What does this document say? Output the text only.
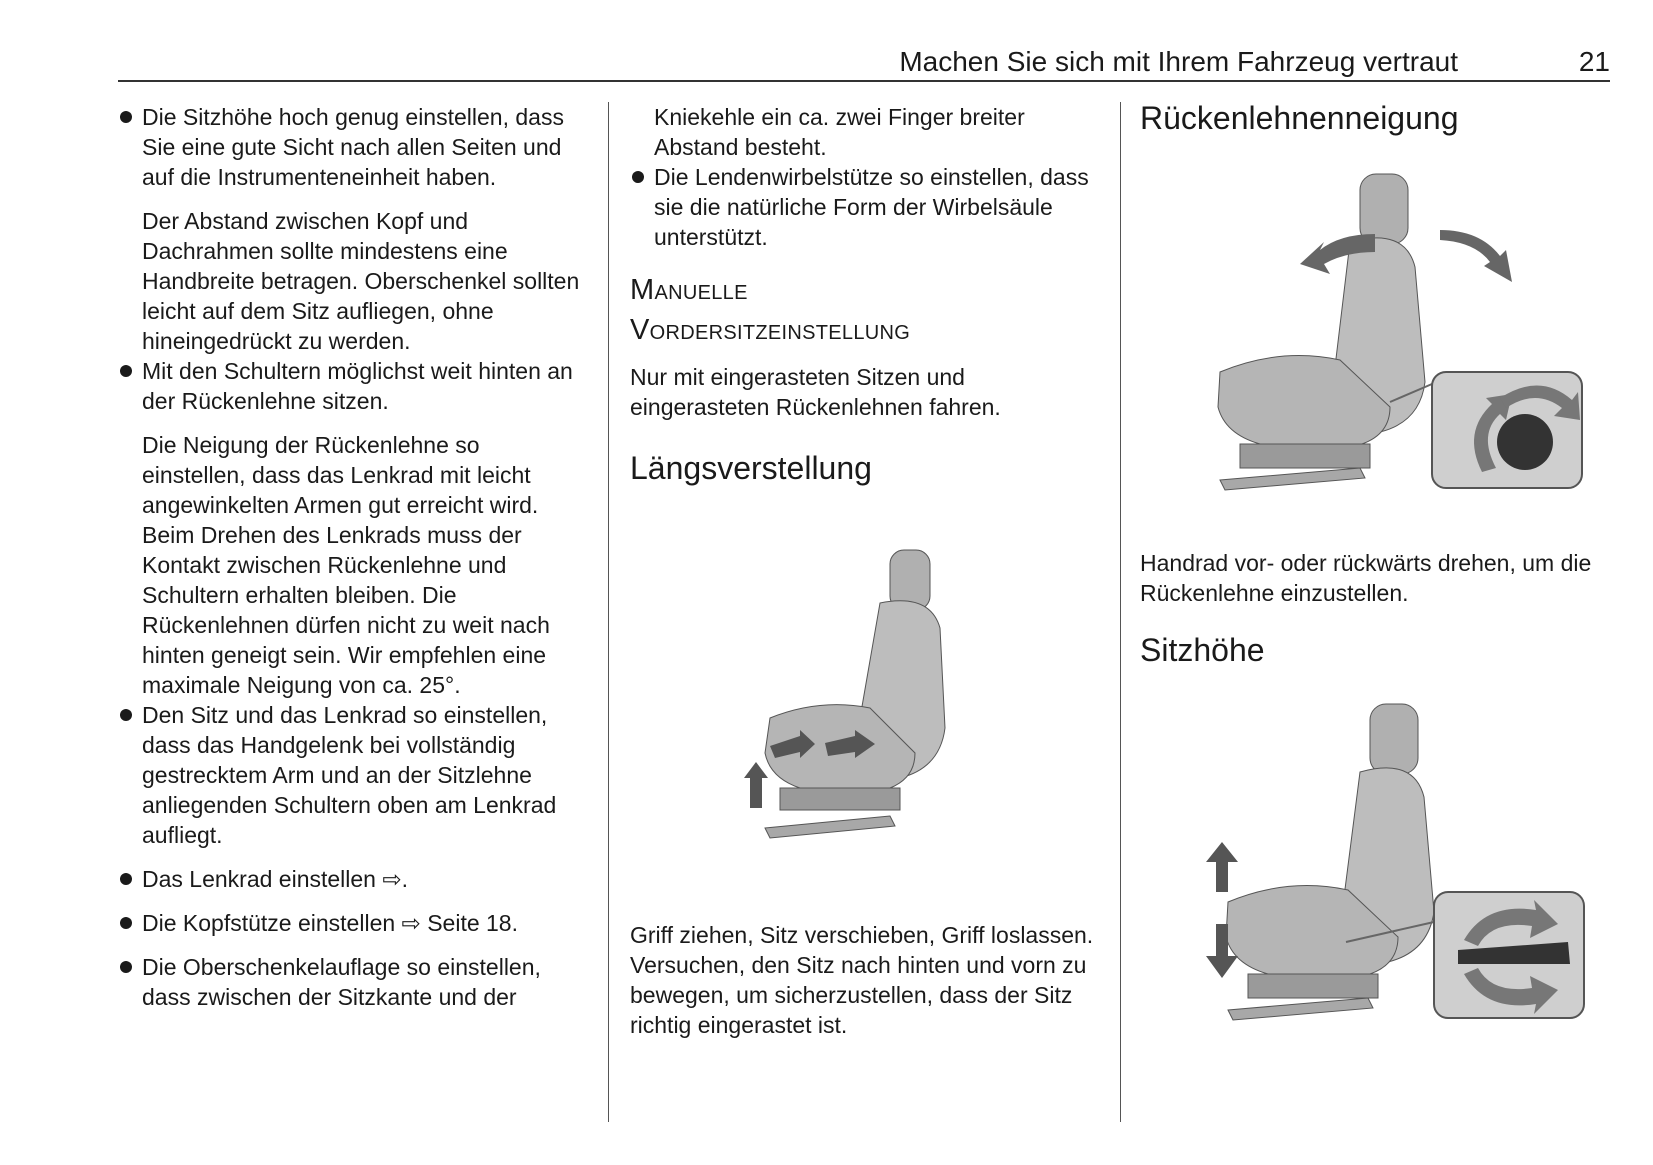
Machen Sie sich mit Ihrem Fahrzeug vertraut	21
Die Sitzhöhe hoch genug einstellen, dass Sie eine gute Sicht nach allen Seiten und auf die Instrumenteneinheit haben.

Der Abstand zwischen Kopf und Dachrahmen sollte mindestens eine Handbreite betragen. Oberschenkel sollten leicht auf dem Sitz aufliegen, ohne hineingedrückt zu werden.

Mit den Schultern möglichst weit hinten an der Rückenlehne sitzen.

Die Neigung der Rückenlehne so einstellen, dass das Lenkrad mit leicht angewinkelten Armen gut erreicht wird. Beim Drehen des Lenkrads muss der Kontakt zwischen Rückenlehne und Schultern erhalten bleiben. Die Rückenlehnen dürfen nicht zu weit nach hinten geneigt sein. Wir empfehlen eine maximale Neigung von ca. 25°.

Den Sitz und das Lenkrad so einstellen, dass das Handgelenk bei vollständig gestrecktem Arm und an der Sitzlehne anliegenden Schultern oben am Lenkrad aufliegt.
Das Lenkrad einstellen ⇨.
Die Kopfstütze einstellen ⇨ Seite 18.
Die Oberschenkelauflage so einstellen, dass zwischen der Sitzkante und der

Kniekehle ein ca. zwei Finger breiter Abstand besteht.

Die Lendenwirbelstütze so einstellen, dass sie die natürliche Form der Wirbelsäule unterstützt.

Manuelle

Vordersitzeinstellung

Nur mit eingerasteten Sitzen und eingerasteten Rückenlehnen fahren.

Längsverstellung

Griff ziehen, Sitz verschieben, Griff loslassen. Versuchen, den Sitz nach hinten und vorn zu bewegen, um sicherzustellen, dass der Sitz richtig eingerastet ist.

Rückenlehnenneigung

Handrad vor- oder rückwärts drehen, um die Rückenlehne einzustellen.

Sitzhöhe
